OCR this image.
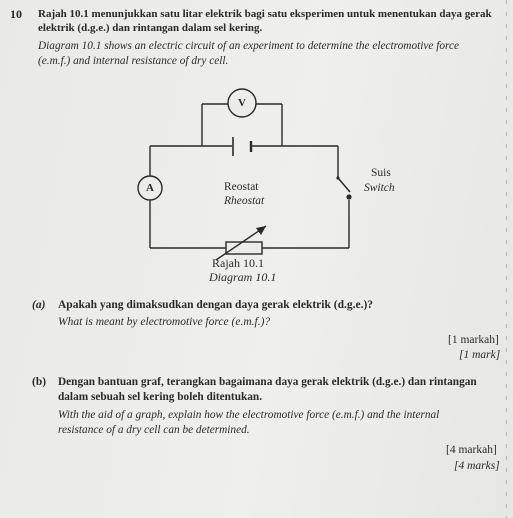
10 Rajah 10.1 menunjukkan satu litar elektrik bagi satu eksperimen untuk menentukan daya gerak
elektrik (d.g.e.) dan rintangan dalam sel kering.
Diagram 10.1 shows an electric circuit of an experiment to determine the electromotive force
(e.m.f.) and internal resistance of dry cell.
V
A	Reostat
Rheostat
Suis
Switch
Rajah 10.1
Diagram 10.1
(a) Apakah yang dimaksudkan dengan daya gerak elektrik (d.g.e.)?
What is meant by electromotive force (e.m.f.)?
[1 markah]
[1 mark]
(b) Dengan bantuan graf, terangkan bagaimana daya gerak elektrik (d.g.e.) dan rintangan
dalam sebuah sel kering boleh ditentukan.
With the aid of a graph, explain how the electromotive force (e.m.f.) and the internal
resistance of a dry cell can be determined.
[4 markah]
[4 marks]
